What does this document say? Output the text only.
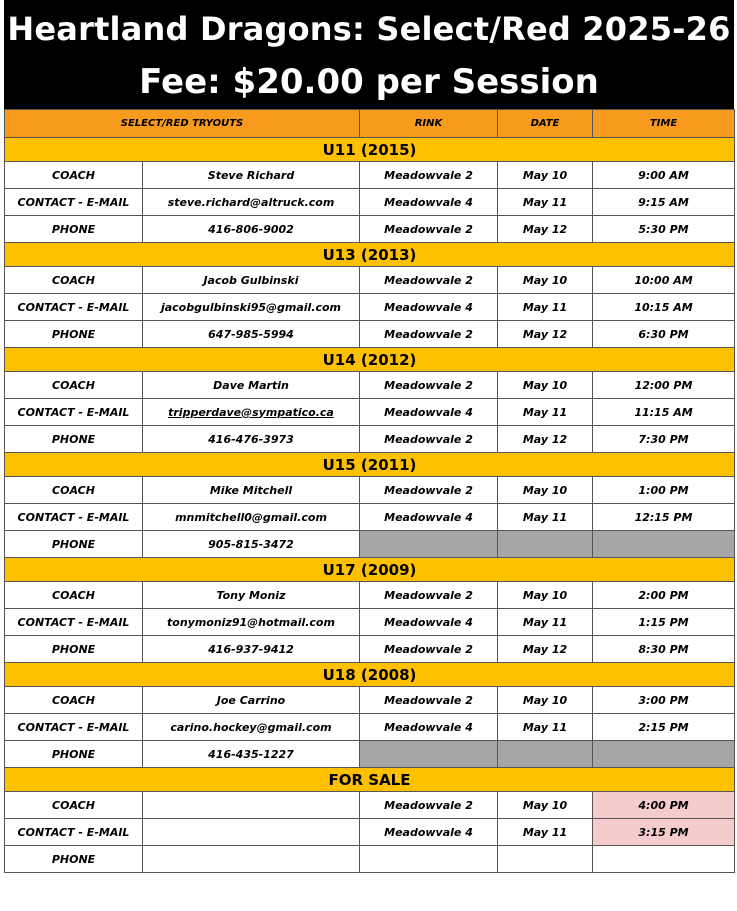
Heartland Dragons: Select/Red 2025-26
Fee: $20.00 per Session
SELECT/RED TRYOUTS		RINK	DATE	TIME
U11 (2015)				
COACH	Steve Richard	Meadowvale 2	May 10	9:00 AM
CONTACT - E-MAIL	steve.richard@altruck.com	Meadowvale 4	May 11	9:15 AM
PHONE	416-806-9002	Meadowvale 2	May 12	5:30 PM
U13 (2013)				
COACH	Jacob Gulbinski	Meadowvale 2	May 10	10:00 AM
CONTACT - E-MAIL	jacobgulbinski95@gmail.com	Meadowvale 4	May 11	10:15 AM
PHONE	647-985-5994	Meadowvale 2	May 12	6:30 PM
U14 (2012)				
COACH	Dave Martin	Meadowvale 2	May 10	12:00 PM
CONTACT - E-MAIL	tripperdave@sympatico.ca	Meadowvale 4	May 11	11:15 AM
PHONE	416-476-3973	Meadowvale 2	May 12	7:30 PM
U15 (2011)				
COACH	Mike Mitchell	Meadowvale 2	May 10	1:00 PM
CONTACT - E-MAIL	mnmitchell0@gmail.com	Meadowvale 4	May 11	12:15 PM
PHONE	905-815-3472			
U17 (2009)				
COACH	Tony Moniz	Meadowvale 2	May 10	2:00 PM
CONTACT - E-MAIL	tonymoniz91@hotmail.com	Meadowvale 4	May 11	1:15 PM
PHONE	416-937-9412	Meadowvale 2	May 12	8:30 PM
U18 (2008)				
COACH	Joe Carrino	Meadowvale 2	May 10	3:00 PM
CONTACT - E-MAIL	carino.hockey@gmail.com	Meadowvale 4	May 11	2:15 PM
PHONE	416-435-1227			
FOR SALE				
COACH		Meadowvale 2	May 10	4:00 PM
CONTACT - E-MAIL		Meadowvale 4	May 11	3:15 PM
PHONE				
